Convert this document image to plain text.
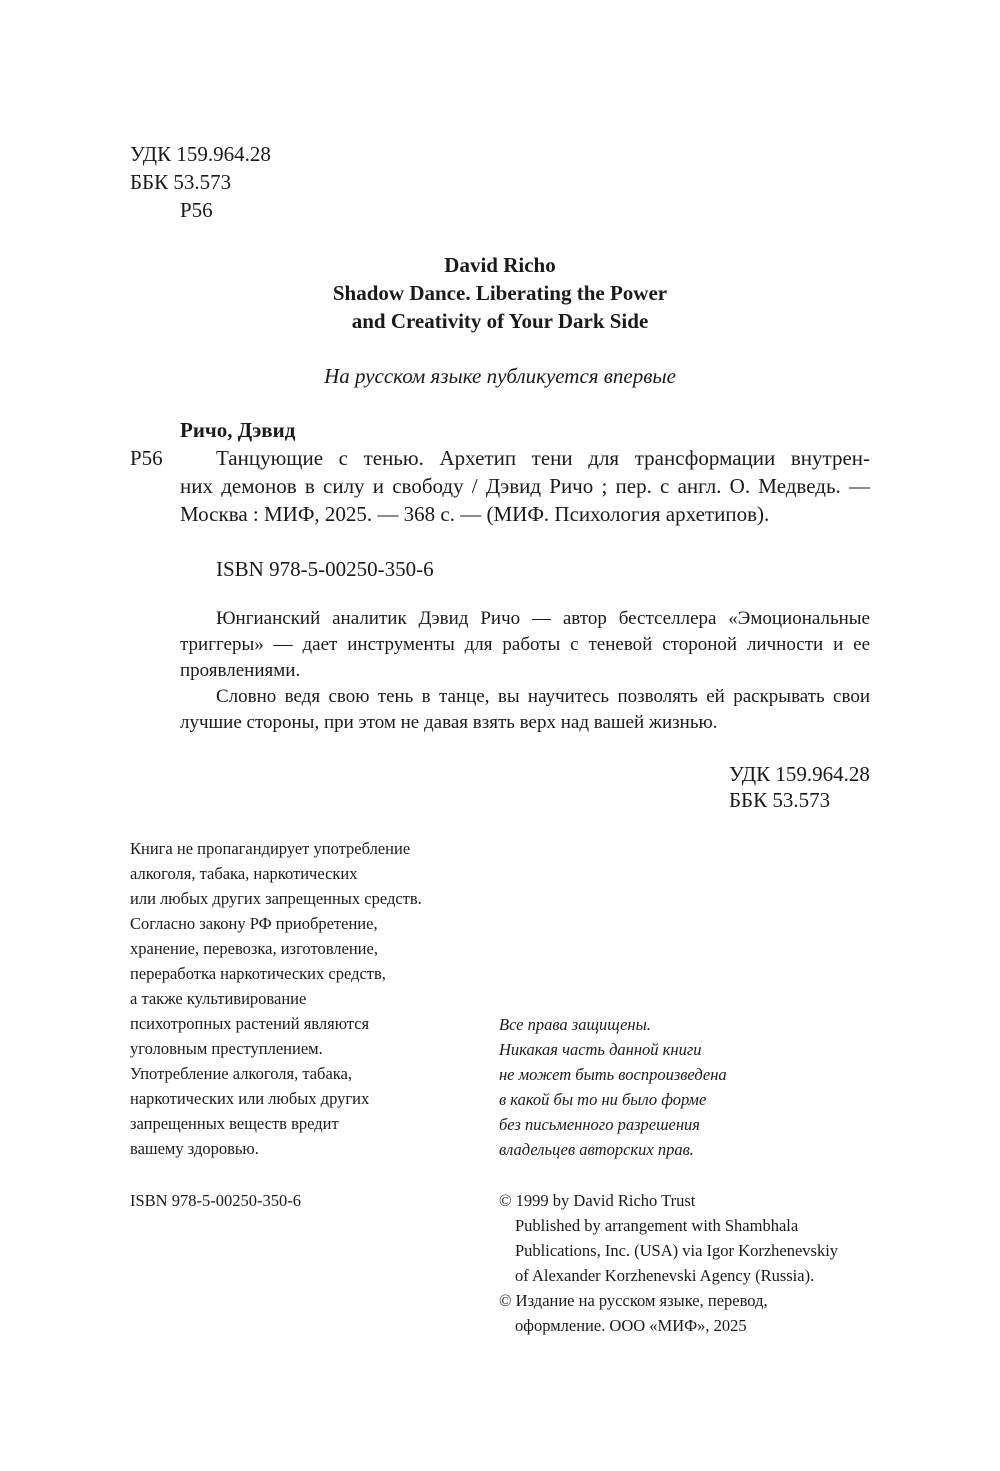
УДК 159.964.28
ББК 53.573
Р56
David Richo
Shadow Dance. Liberating the Power
and Creativity of Your Dark Side
На русском языке публикуется впервые
Ричо, Дэвид
Р56	Танцующие с тенью. Архетип тени для трансформации внутрен-
них демонов в силу и свободу / Дэвид Ричо ; пер. с англ. О. Медведь. —
Москва : МИФ, 2025. — 368 с. — (МИФ. Психология архетипов).
ISBN 978-5-00250-350-6
Юнгианский аналитик Дэвид Ричо — автор бестселлера «Эмоциональные
триггеры» — дает инструменты для работы с теневой стороной личности и ее
проявлениями.
Словно ведя свою тень в танце, вы научитесь позволять ей раскрывать свои
лучшие стороны, при этом не давая взять верх над вашей жизнью.
УДК 159.964.28
ББК 53.573
Книга не пропагандирует употребление
алкоголя, табака, наркотических
или любых других запрещенных средств.
Согласно закону РФ приобретение,
хранение, перевозка, изготовление,
переработка наркотических средств,
а также культивирование
психотропных растений являются
уголовным преступлением.
Употребление алкоголя, табака,
наркотических или любых других
запрещенных веществ вредит
вашему здоровью.
Все права защищены.
Никакая часть данной книги
не может быть воспроизведена
в какой бы то ни было форме
без письменного разрешения
владельцев авторских прав.
ISBN 978-5-00250-350-6	© 1999 by David Richo Trust
Published by arrangement with Shambhala
Publications, Inc. (USA) via Igor Korzhenevskiy
of Alexander Korzhenevski Agency (Russia).
© Издание на русском языке, перевод,
оформление. ООО «МИФ», 2025
